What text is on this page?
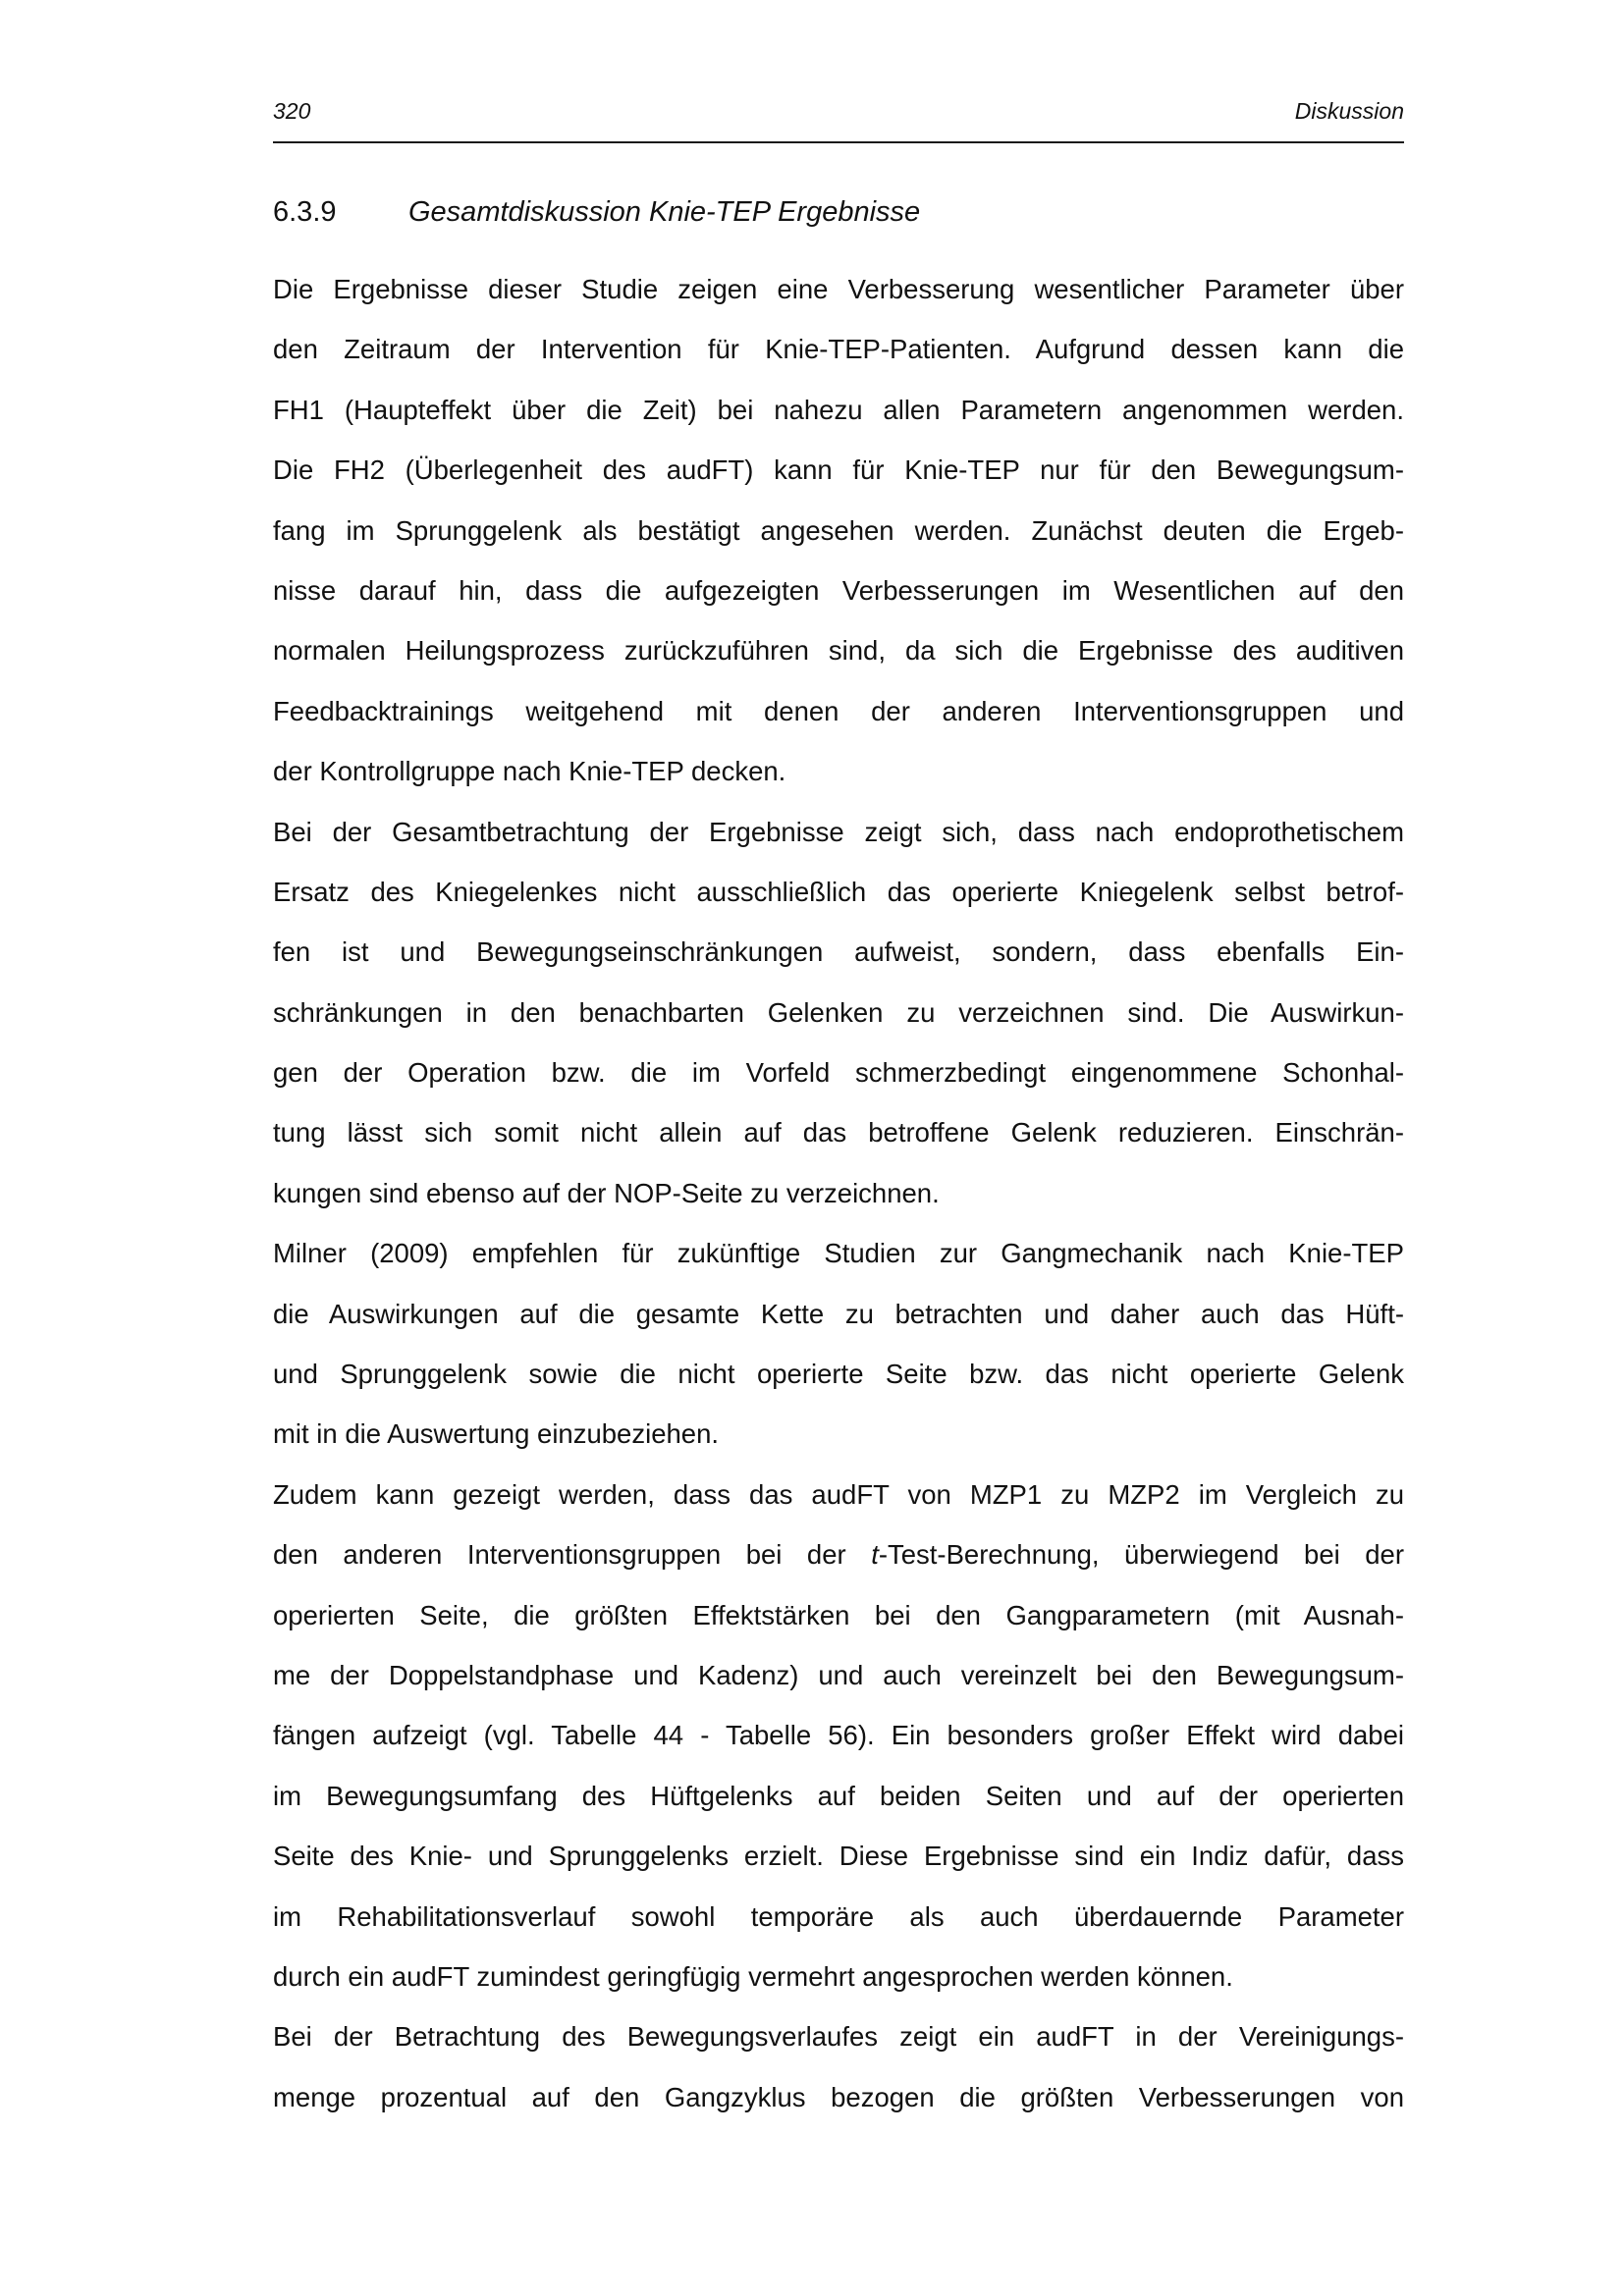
320	Diskussion
6.3.9	Gesamtdiskussion Knie-TEP Ergebnisse
Die Ergebnisse dieser Studie zeigen eine Verbesserung wesentlicher Parameter über
den Zeitraum der Intervention für Knie-TEP-Patienten. Aufgrund dessen kann die
FH1 (Haupteffekt über die Zeit) bei nahezu allen Parametern angenommen werden.
Die FH2 (Überlegenheit des audFT) kann für Knie-TEP nur für den Bewegungsum-
fang im Sprunggelenk als bestätigt angesehen werden. Zunächst deuten die Ergeb-
nisse darauf hin, dass die aufgezeigten Verbesserungen im Wesentlichen auf den
normalen Heilungsprozess zurückzuführen sind, da sich die Ergebnisse des auditiven
Feedbacktrainings weitgehend mit denen der anderen Interventionsgruppen und
der Kontrollgruppe nach Knie-TEP decken.
Bei der Gesamtbetrachtung der Ergebnisse zeigt sich, dass nach endoprothetischem
Ersatz des Kniegelenkes nicht ausschließlich das operierte Kniegelenk selbst betrof-
fen ist und Bewegungseinschränkungen aufweist, sondern, dass ebenfalls Ein-
schränkungen in den benachbarten Gelenken zu verzeichnen sind. Die Auswirkun-
gen der Operation bzw. die im Vorfeld schmerzbedingt eingenommene Schonhal-
tung lässt sich somit nicht allein auf das betroffene Gelenk reduzieren. Einschrän-
kungen sind ebenso auf der NOP-Seite zu verzeichnen.
Milner (2009) empfehlen für zukünftige Studien zur Gangmechanik nach Knie-TEP
die Auswirkungen auf die gesamte Kette zu betrachten und daher auch das Hüft-
und Sprunggelenk sowie die nicht operierte Seite bzw. das nicht operierte Gelenk
mit in die Auswertung einzubeziehen.
Zudem kann gezeigt werden, dass das audFT von MZP1 zu MZP2 im Vergleich zu
den anderen Interventionsgruppen bei der t-Test-Berechnung, überwiegend bei der
operierten Seite, die größten Effektstärken bei den Gangparametern (mit Ausnah-
me der Doppelstandphase und Kadenz) und auch vereinzelt bei den Bewegungsum-
fängen aufzeigt (vgl. Tabelle 44 - Tabelle 56). Ein besonders großer Effekt wird dabei
im Bewegungsumfang des Hüftgelenks auf beiden Seiten und auf der operierten
Seite des Knie- und Sprunggelenks erzielt. Diese Ergebnisse sind ein Indiz dafür, dass
im Rehabilitationsverlauf sowohl temporäre als auch überdauernde Parameter
durch ein audFT zumindest geringfügig vermehrt angesprochen werden können.
Bei der Betrachtung des Bewegungsverlaufes zeigt ein audFT in der Vereinigungs-
menge prozentual auf den Gangzyklus bezogen die größten Verbesserungen von
